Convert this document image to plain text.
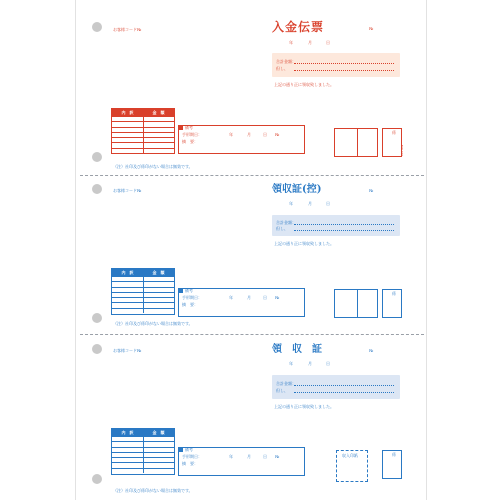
お客様コード№	入金伝票	№
年	月	日
合計金額：
但し、
上記の通り正に領収致しました。
内　訳	金　額
備考
手形期日：	年	月	日 №
摘　要：
係
EW-C61
（注）社印及び係印がない場合は無効です。
お客様コード№	領収証(控)	№
年	月	日
合計金額：
但し、
上記の通り正に領収致しました。
内　訳	金　額
備考
手形期日：	年	月	日 №
摘　要：
係
（注）社印及び係印がない場合は無効です。
お客様コード№	領　収　証	№
年	月	日
合計金額：
但し、
上記の通り正に領収致しました。
内　訳	金　額
備考
手形期日：	年	月	日 №
摘　要：
収入印紙	係
（注）社印及び係印がない場合は無効です。
